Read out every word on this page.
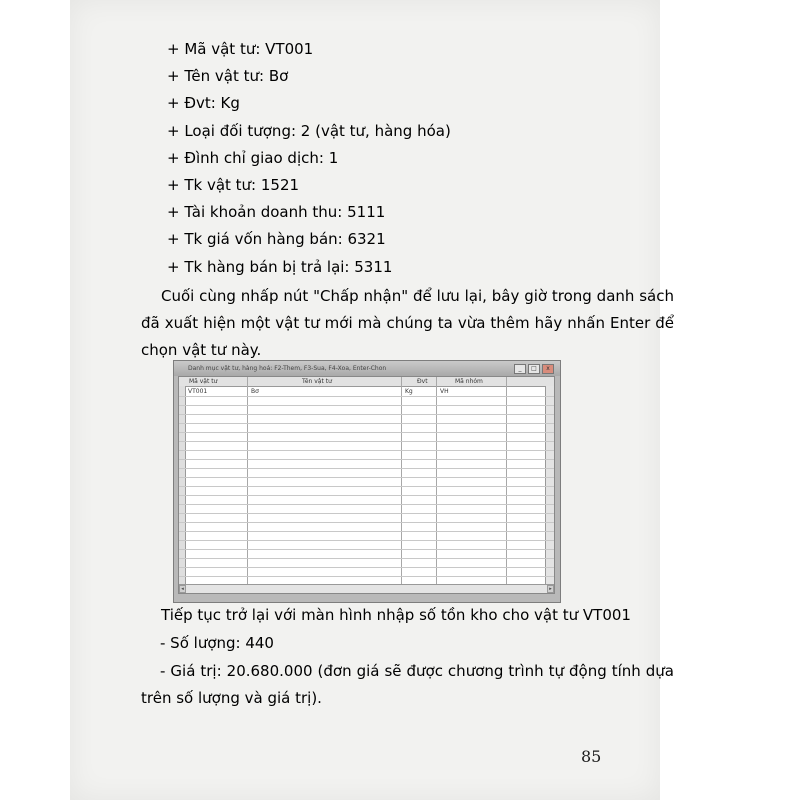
+ Mã vật tư: VT001
+ Tên vật tư: Bơ
+ Đvt: Kg
+ Loại đối tượng: 2 (vật tư, hàng hóa)
+ Đình chỉ giao dịch: 1
+ Tk vật tư: 1521
+ Tài khoản doanh thu: 5111
+ Tk giá vốn hàng bán: 6321
+ Tk hàng bán bị trả lại: 5311
Cuối cùng nhấp nút "Chấp nhận" để lưu lại, bây giờ trong danh sách đã xuất hiện một vật tư mới mà chúng ta vừa thêm hãy nhấn Enter để chọn vật tư này.
Danh mục vật tư, hàng hoá: F2-Them, F3-Sua, F4-Xoa, Enter-Chon	_	□	x
Mã vật tư	Tên vật tư	Đvt	Mã nhóm
VT001	Bơ	Kg	VH
◂	▸
Tiếp tục trở lại với màn hình nhập số tồn kho cho vật tư VT001
- Số lượng: 440
- Giá trị: 20.680.000 (đơn giá sẽ được chương trình tự động tính dựa trên số lượng và giá trị).
85
